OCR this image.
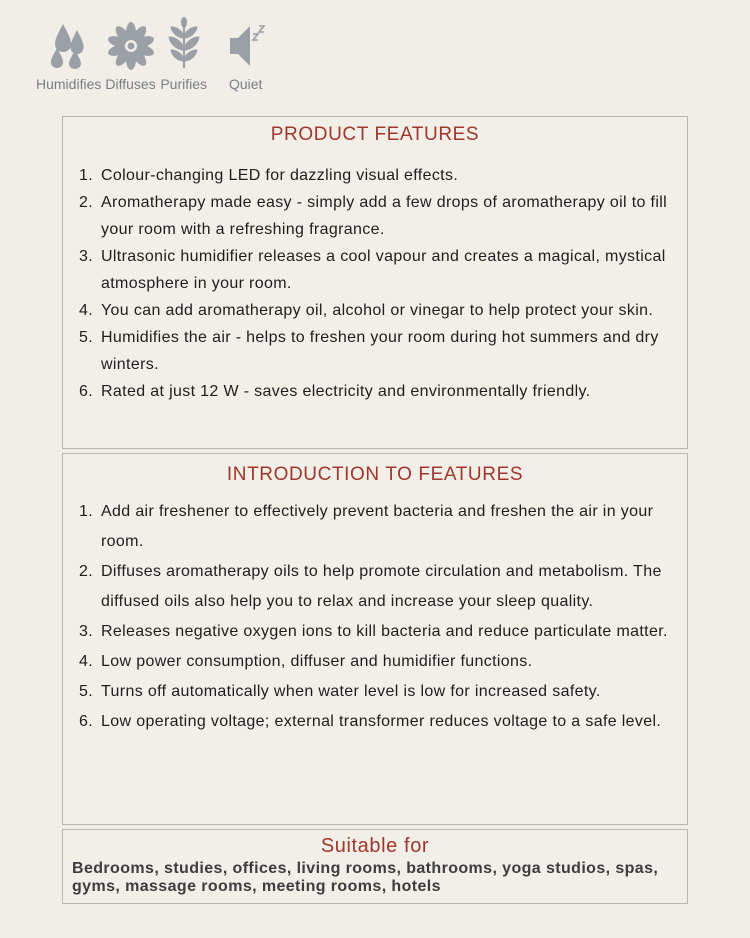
Humidifies Diffuses Purifies Quiet
PRODUCT FEATURES
1. Colour-changing LED for dazzling visual effects.
2. Aromatherapy made easy - simply add a few drops of aromatherapy oil to fill your room with a refreshing fragrance.
3. Ultrasonic humidifier releases a cool vapour and creates a magical, mystical atmosphere in your room.
4. You can add aromatherapy oil, alcohol or vinegar to help protect your skin.
5. Humidifies the air - helps to freshen your room during hot summers and dry winters.
6. Rated at just 12 W - saves electricity and environmentally friendly.
INTRODUCTION TO FEATURES
1. Add air freshener to effectively prevent bacteria and freshen the air in your room.
2. Diffuses aromatherapy oils to help promote circulation and metabolism. The diffused oils also help you to relax and increase your sleep quality.
3. Releases negative oxygen ions to kill bacteria and reduce particulate matter.
4. Low power consumption, diffuser and humidifier functions.
5. Turns off automatically when water level is low for increased safety.
6. Low operating voltage; external transformer reduces voltage to a safe level.
Suitable for
Bedrooms, studies, offices, living rooms, bathrooms, yoga studios, spas, gyms, massage rooms, meeting rooms, hotels
